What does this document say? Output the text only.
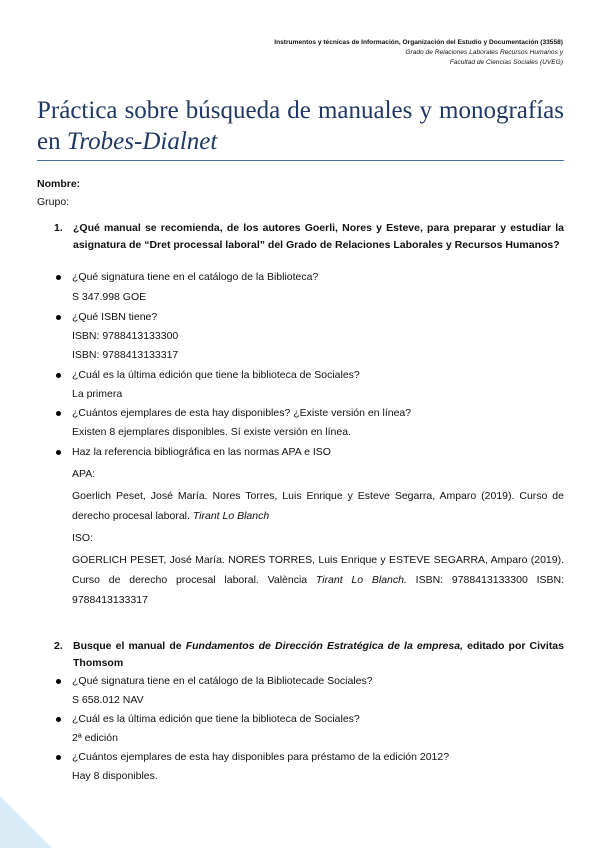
Instrumentos y técnicas de Información, Organización del Estudio y Documentación (33558)
Grado de Relaciones Laborales Recursos Humanos y
Facultad de Ciencias Sociales (UVEG)
Práctica sobre búsqueda de manuales y monografías en Trobes-Dialnet
Nombre:
Grupo:
1. ¿Qué manual se recomienda, de los autores Goerli, Nores y Esteve, para preparar y estudiar la asignatura de “Dret processal laboral” del Grado de Relaciones Laborales y Recursos Humanos?
¿Qué signatura tiene en el catálogo de la Biblioteca?
S 347.998 GOE
¿Qué ISBN tiene?
ISBN: 9788413133300
ISBN: 9788413133317
¿Cuál es la última edición que tiene la biblioteca de Sociales?
La primera
¿Cuántos ejemplares de esta hay disponibles? ¿Existe versión en línea?
Existen 8 ejemplares disponibles. Sí existe versión en línea.
Haz la referencia bibliográfica en las normas APA e ISO
APA:
Goerlich Peset, José María. Nores Torres, Luis Enrique y Esteve Segarra, Amparo (2019). Curso de derecho procesal laboral. Tirant Lo Blanch
ISO:
GOERLICH PESET, José María. NORES TORRES, Luis Enrique y ESTEVE SEGARRA, Amparo (2019). Curso de derecho procesal laboral. València Tirant Lo Blanch. ISBN: 9788413133300 ISBN: 9788413133317
2. Busque el manual de Fundamentos de Dirección Estratégica de la empresa, editado por Civitas Thomsom
¿Qué signatura tiene en el catálogo de la Bibliotecade Sociales?
S 658.012 NAV
¿Cuál es la última edición que tiene la biblioteca de Sociales?
2ª edición
¿Cuántos ejemplares de esta hay disponibles para préstamo de la edición 2012?
Hay 8 disponibles.
